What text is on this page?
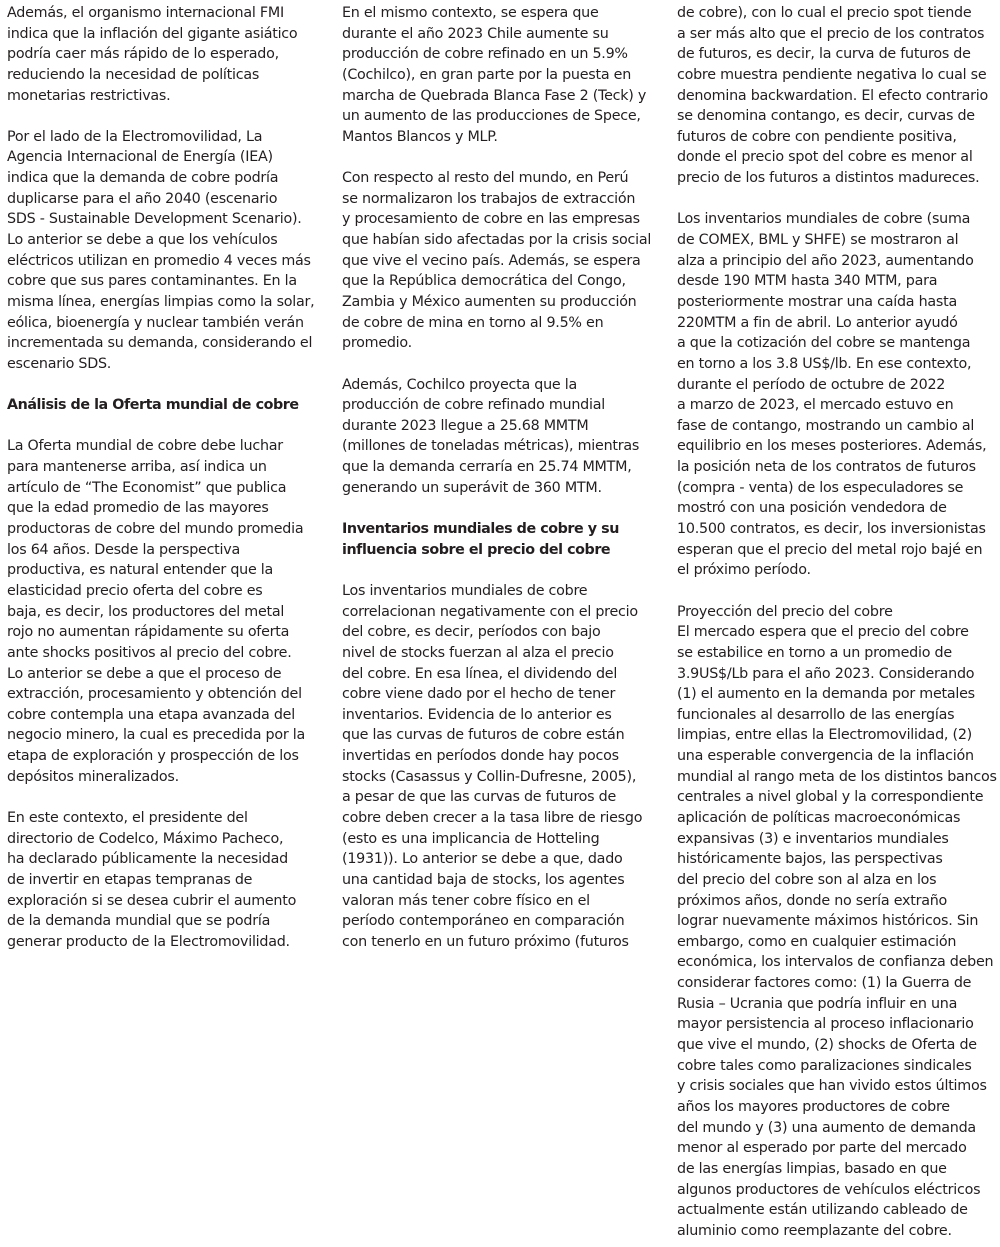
Además, el organismo internacional FMI
indica que la inflación del gigante asiático
podría caer más rápido de lo esperado,
reduciendo la necesidad de políticas
monetarias restrictivas.
Por el lado de la Electromovilidad, La
Agencia Internacional de Energía (IEA)
indica que la demanda de cobre podría
duplicarse para el año 2040 (escenario
SDS - Sustainable Development Scenario).
Lo anterior se debe a que los vehículos
eléctricos utilizan en promedio 4 veces más
cobre que sus pares contaminantes. En la
misma línea, energías limpias como la solar,
eólica, bioenergía y nuclear también verán
incrementada su demanda, considerando el
escenario SDS.
Análisis de la Oferta mundial de cobre
La Oferta mundial de cobre debe luchar
para mantenerse arriba, así indica un
artículo de “The Economist” que publica
que la edad promedio de las mayores
productoras de cobre del mundo promedia
los 64 años. Desde la perspectiva
productiva, es natural entender que la
elasticidad precio oferta del cobre es
baja, es decir, los productores del metal
rojo no aumentan rápidamente su oferta
ante shocks positivos al precio del cobre.
Lo anterior se debe a que el proceso de
extracción, procesamiento y obtención del
cobre contempla una etapa avanzada del
negocio minero, la cual es precedida por la
etapa de exploración y prospección de los
depósitos mineralizados.
En este contexto, el presidente del
directorio de Codelco, Máximo Pacheco,
ha declarado públicamente la necesidad
de invertir en etapas tempranas de
exploración si se desea cubrir el aumento
de la demanda mundial que se podría
generar producto de la Electromovilidad.
En el mismo contexto, se espera que
durante el año 2023 Chile aumente su
producción de cobre refinado en un 5.9%
(Cochilco), en gran parte por la puesta en
marcha de Quebrada Blanca Fase 2 (Teck) y
un aumento de las producciones de Spece,
Mantos Blancos y MLP.
Con respecto al resto del mundo, en Perú
se normalizaron los trabajos de extracción
y procesamiento de cobre en las empresas
que habían sido afectadas por la crisis social
que vive el vecino país. Además, se espera
que la República democrática del Congo,
Zambia y México aumenten su producción
de cobre de mina en torno al 9.5% en
promedio.
Además, Cochilco proyecta que la
producción de cobre refinado mundial
durante 2023 llegue a 25.68 MMTM
(millones de toneladas métricas), mientras
que la demanda cerraría en 25.74 MMTM,
generando un superávit de 360 MTM.
Inventarios mundiales de cobre y su
influencia sobre el precio del cobre
Los inventarios mundiales de cobre
correlacionan negativamente con el precio
del cobre, es decir, períodos con bajo
nivel de stocks fuerzan al alza el precio
del cobre. En esa línea, el dividendo del
cobre viene dado por el hecho de tener
inventarios. Evidencia de lo anterior es
que las curvas de futuros de cobre están
invertidas en períodos donde hay pocos
stocks (Casassus y Collin-Dufresne, 2005),
a pesar de que las curvas de futuros de
cobre deben crecer a la tasa libre de riesgo
(esto es una implicancia de Hotteling
(1931)). Lo anterior se debe a que, dado
una cantidad baja de stocks, los agentes
valoran más tener cobre físico en el
período contemporáneo en comparación
con tenerlo en un futuro próximo (futuros
de cobre), con lo cual el precio spot tiende
a ser más alto que el precio de los contratos
de futuros, es decir, la curva de futuros de
cobre muestra pendiente negativa lo cual se
denomina backwardation. El efecto contrario
se denomina contango, es decir, curvas de
futuros de cobre con pendiente positiva,
donde el precio spot del cobre es menor al
precio de los futuros a distintos madureces.
Los inventarios mundiales de cobre (suma
de COMEX, BML y SHFE) se mostraron al
alza a principio del año 2023, aumentando
desde 190 MTM hasta 340 MTM, para
posteriormente mostrar una caída hasta
220MTM a fin de abril. Lo anterior ayudó
a que la cotización del cobre se mantenga
en torno a los 3.8 US$/lb. En ese contexto,
durante el período de octubre de 2022
a marzo de 2023, el mercado estuvo en
fase de contango, mostrando un cambio al
equilibrio en los meses posteriores. Además,
la posición neta de los contratos de futuros
(compra - venta) de los especuladores se
mostró con una posición vendedora de
10.500 contratos, es decir, los inversionistas
esperan que el precio del metal rojo bajé en
el próximo período.
Proyección del precio del cobre
El mercado espera que el precio del cobre
se estabilice en torno a un promedio de
3.9US$/Lb para el año 2023. Considerando
(1) el aumento en la demanda por metales
funcionales al desarrollo de las energías
limpias, entre ellas la Electromovilidad, (2)
una esperable convergencia de la inflación
mundial al rango meta de los distintos bancos
centrales a nivel global y la correspondiente
aplicación de políticas macroeconómicas
expansivas (3) e inventarios mundiales
históricamente bajos, las perspectivas
del precio del cobre son al alza en los
próximos años, donde no sería extraño
lograr nuevamente máximos históricos. Sin
embargo, como en cualquier estimación
económica, los intervalos de confianza deben
considerar factores como: (1) la Guerra de
Rusia – Ucrania que podría influir en una
mayor persistencia al proceso inflacionario
que vive el mundo, (2) shocks de Oferta de
cobre tales como paralizaciones sindicales
y crisis sociales que han vivido estos últimos
años los mayores productores de cobre
del mundo y (3) una aumento de demanda
menor al esperado por parte del mercado
de las energías limpias, basado en que
algunos productores de vehículos eléctricos
actualmente están utilizando cableado de
aluminio como reemplazante del cobre.
